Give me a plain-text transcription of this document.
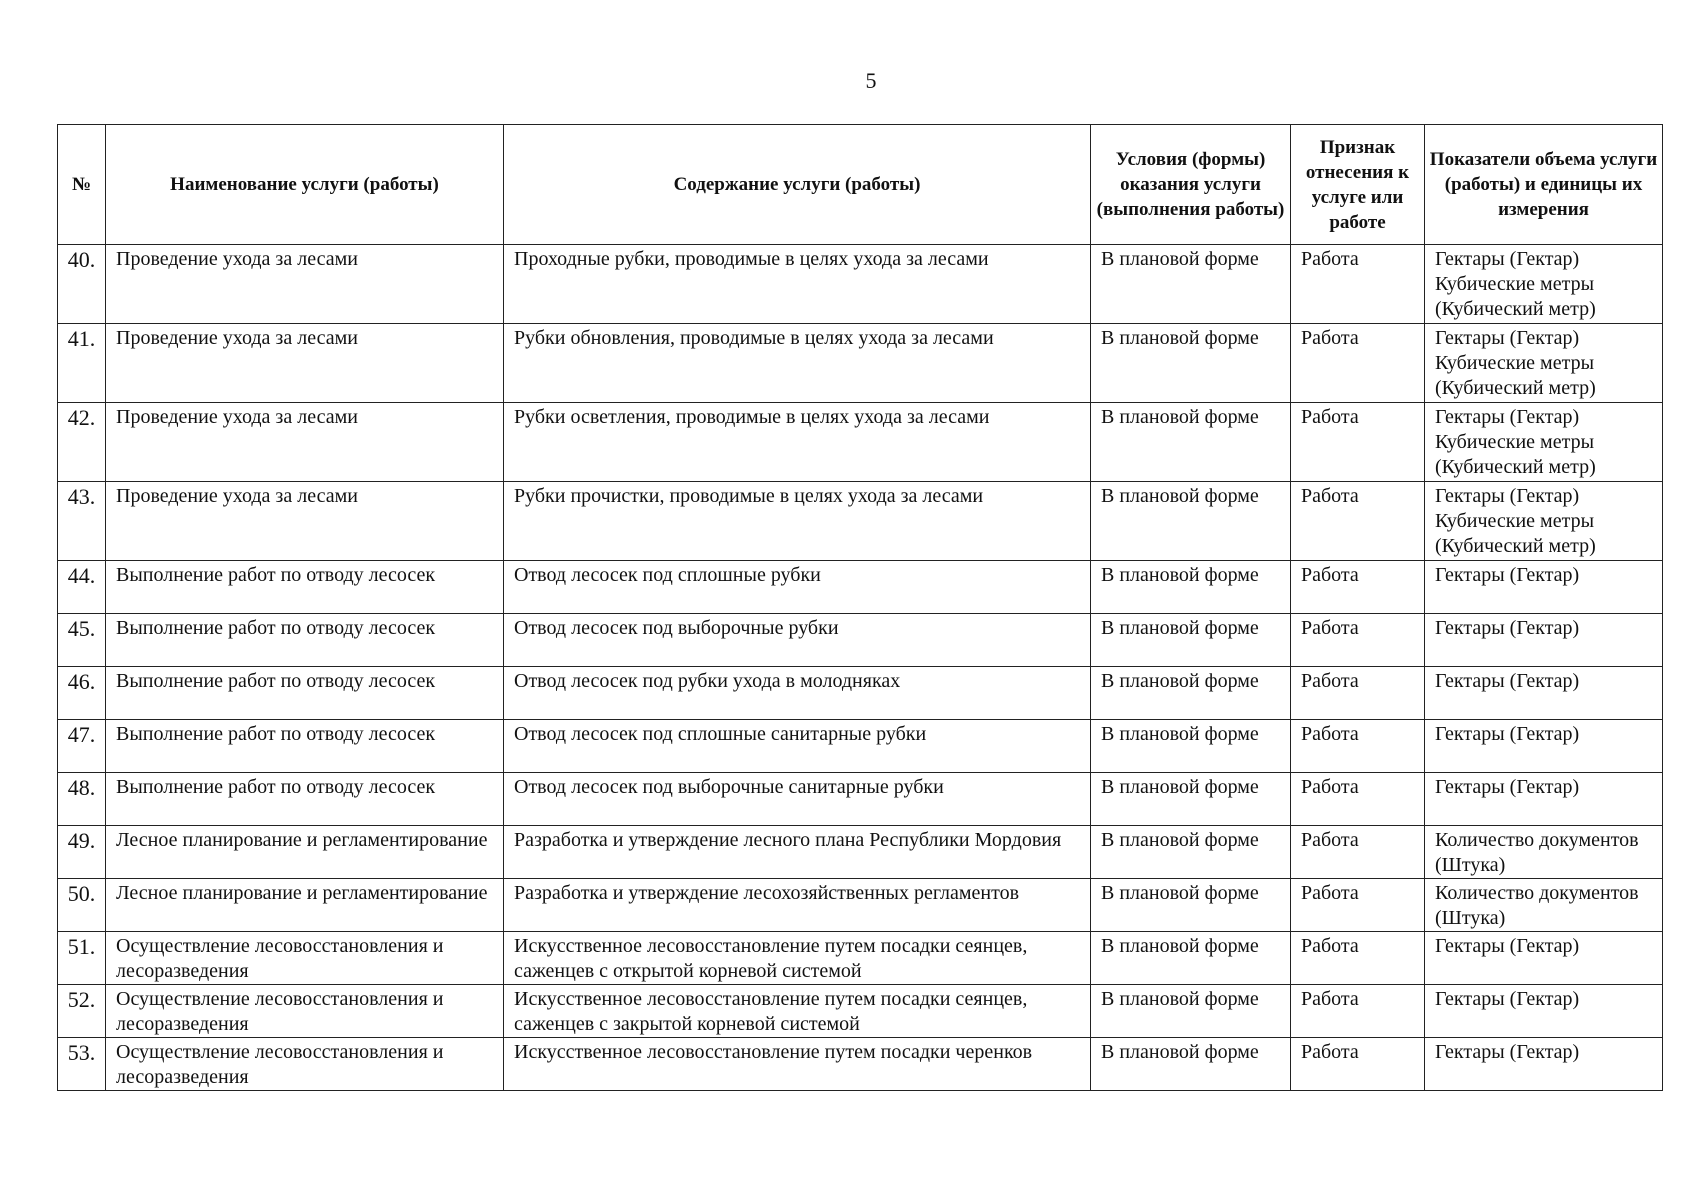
5
№	Наименование услуги (работы)	Содержание услуги (работы)	Условия (формы) оказания услуги (выполнения работы)	Признак отнесения к услуге или работе	Показатели объема услуги (работы) и единицы их измерения
40.	Проведение ухода за лесами	Проходные рубки, проводимые в целях ухода за лесами	В плановой форме	Работа	Гектары (Гектар) Кубические метры (Кубический метр)
41.	Проведение ухода за лесами	Рубки обновления, проводимые в целях ухода за лесами	В плановой форме	Работа	Гектары (Гектар) Кубические метры (Кубический метр)
42.	Проведение ухода за лесами	Рубки осветления, проводимые в целях ухода за лесами	В плановой форме	Работа	Гектары (Гектар) Кубические метры (Кубический метр)
43.	Проведение ухода за лесами	Рубки прочистки, проводимые в целях ухода за лесами	В плановой форме	Работа	Гектары (Гектар) Кубические метры (Кубический метр)
44.	Выполнение работ по отводу лесосек	Отвод лесосек под сплошные рубки	В плановой форме	Работа	Гектары (Гектар)
45.	Выполнение работ по отводу лесосек	Отвод лесосек под выборочные рубки	В плановой форме	Работа	Гектары (Гектар)
46.	Выполнение работ по отводу лесосек	Отвод лесосек под рубки ухода в молодняках	В плановой форме	Работа	Гектары (Гектар)
47.	Выполнение работ по отводу лесосек	Отвод лесосек под сплошные санитарные рубки	В плановой форме	Работа	Гектары (Гектар)
48.	Выполнение работ по отводу лесосек	Отвод лесосек под выборочные санитарные рубки	В плановой форме	Работа	Гектары (Гектар)
49.	Лесное планирование и регламентирование	Разработка и утверждение лесного плана Республики Мордовия	В плановой форме	Работа	Количество документов (Штука)
50.	Лесное планирование и регламентирование	Разработка и утверждение лесохозяйственных регламентов	В плановой форме	Работа	Количество документов (Штука)
51.	Осуществление лесовосстановления и лесоразведения	Искусственное лесовосстановление путем посадки сеянцев, саженцев с открытой корневой системой	В плановой форме	Работа	Гектары (Гектар)
52.	Осуществление лесовосстановления и лесоразведения	Искусственное лесовосстановление путем посадки сеянцев, саженцев с закрытой корневой системой	В плановой форме	Работа	Гектары (Гектар)
53.	Осуществление лесовосстановления и лесоразведения	Искусственное лесовосстановление путем посадки черенков	В плановой форме	Работа	Гектары (Гектар)
